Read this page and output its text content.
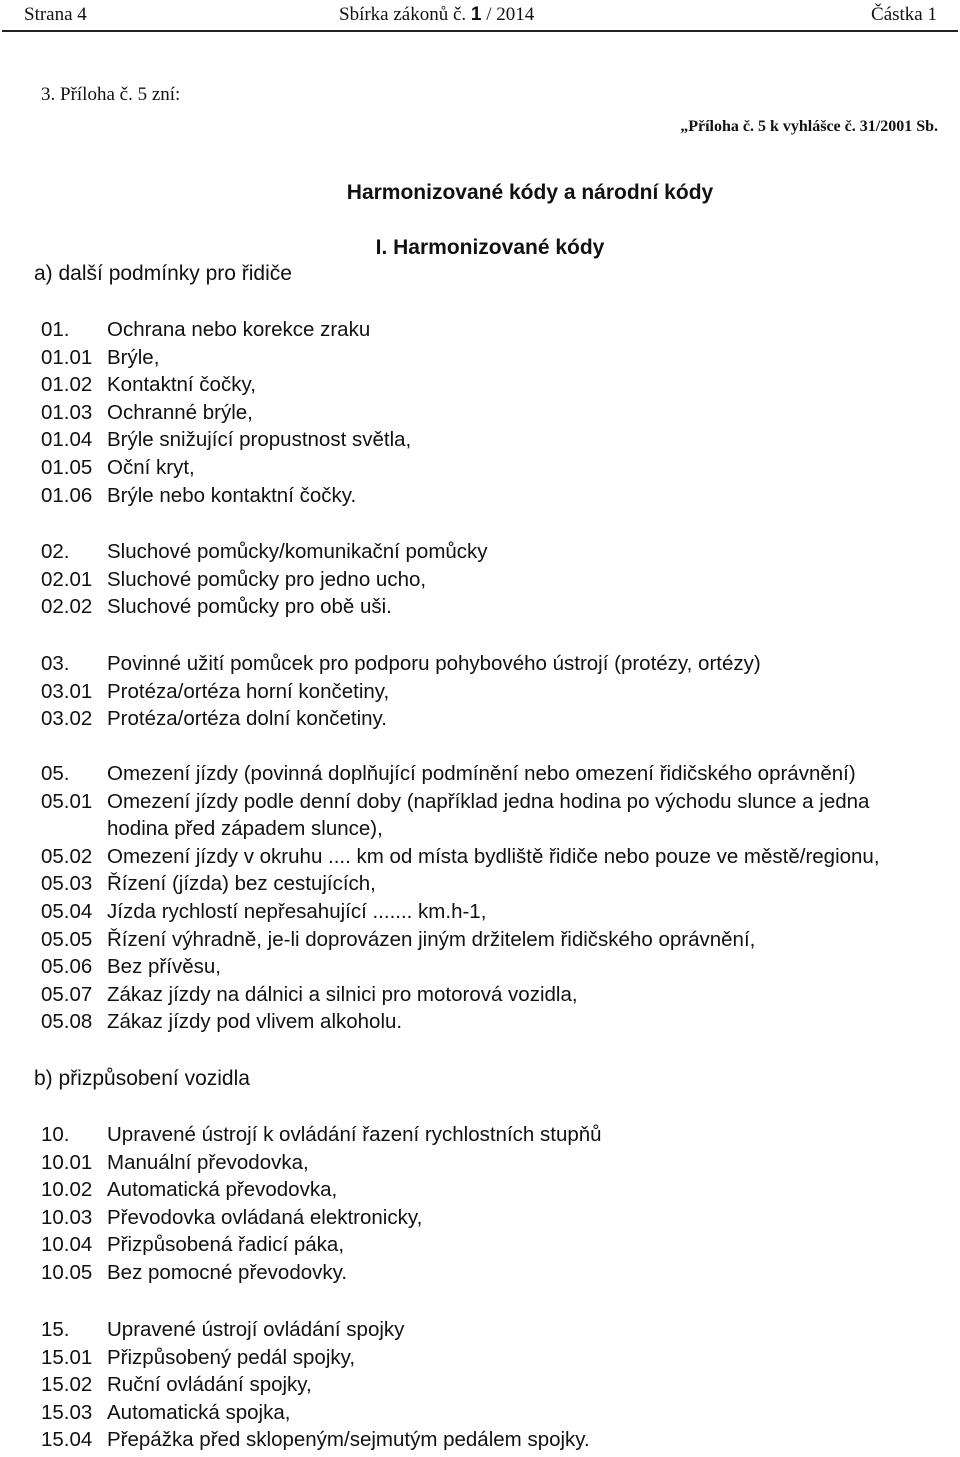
Strana 4	Sbírka zákonů č. 1 / 2014	Částka 1
3. Příloha č. 5 zní:
„Příloha č. 5 k vyhlášce č. 31/2001 Sb.
Harmonizované kódy a národní kódy
I. Harmonizované kódy
a) další podmínky pro řidiče
b) přizpůsobení vozidla
01. Ochrana nebo korekce zraku
01.01 Brýle,
01.02 Kontaktní čočky,
01.03 Ochranné brýle,
01.04 Brýle snižující propustnost světla,
01.05 Oční kryt,
01.06 Brýle nebo kontaktní čočky.
02. Sluchové pomůcky/komunikační pomůcky
02.01 Sluchové pomůcky pro jedno ucho,
02.02 Sluchové pomůcky pro obě uši.
03. Povinné užití pomůcek pro podporu pohybového ústrojí (protézy, ortézy)
03.01 Protéza/ortéza horní končetiny,
03.02 Protéza/ortéza dolní končetiny.
05. Omezení jízdy (povinná doplňující podmínění nebo omezení řidičského oprávnění)
05.01 Omezení jízdy podle denní doby (například jedna hodina po východu slunce a jedna
hodina před západem slunce),
05.02 Omezení jízdy v okruhu .... km od místa bydliště řidiče nebo pouze ve městě/regionu,
05.03 Řízení (jízda) bez cestujících,
05.04 Jízda rychlostí nepřesahující ....... km.h-1,
05.05 Řízení výhradně, je-li doprovázen jiným držitelem řidičského oprávnění,
05.06 Bez přívěsu,
05.07 Zákaz jízdy na dálnici a silnici pro motorová vozidla,
05.08 Zákaz jízdy pod vlivem alkoholu.
10. Upravené ústrojí k ovládání řazení rychlostních stupňů
10.01 Manuální převodovka,
10.02 Automatická převodovka,
10.03 Převodovka ovládaná elektronicky,
10.04 Přizpůsobená řadicí páka,
10.05 Bez pomocné převodovky.
15. Upravené ústrojí ovládání spojky
15.01 Přizpůsobený pedál spojky,
15.02 Ruční ovládání spojky,
15.03 Automatická spojka,
15.04 Přepážka před sklopeným/sejmutým pedálem spojky.
